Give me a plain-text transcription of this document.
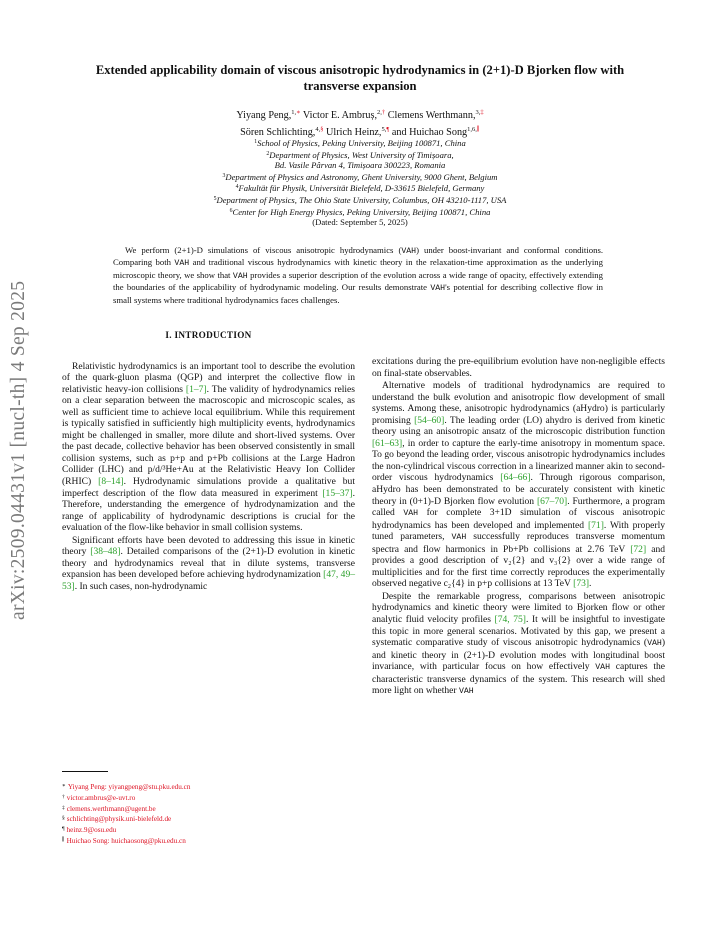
arXiv:2509.04431v1 [nucl-th] 4 Sep 2025
Extended applicability domain of viscous anisotropic hydrodynamics in (2+1)-D Bjorken flow with transverse expansion
Yiyang Peng,$^{1,∗}$ Victor E. Ambruș,$^{2,\dagger}$ Clemens Werthmann,$^{3,\ddagger}$
Sören Schlichting,$^{4,\S}$ Ulrich Heinz,$^{5,\P}$ and Huichao Song$^{1,6,\parallel}$
$^1$School of Physics, Peking University, Beijing 100871, China
$^2$Department of Physics, West University of Timișoara,
Bd. Vasile Pârvan 4, Timișoara 300223, Romania
$^3$Department of Physics and Astronomy, Ghent University, 9000 Ghent, Belgium
$^4$Fakultät für Physik, Universität Bielefeld, D-33615 Bielefeld, Germany
$^5$Department of Physics, The Ohio State University, Columbus, OH 43210-1117, USA
$^6$Center for High Energy Physics, Peking University, Beijing 100871, China
(Dated: September 5, 2025)
We perform (2+1)-D simulations of viscous anisotropic hydrodynamics (VAH) under boost-invariant and conformal conditions. Comparing both VAH and traditional viscous hydrodynamics with kinetic theory in the relaxation-time approximation as the underlying microscopic theory, we show that VAH provides a superior description of the evolution across a wide range of opacity, effectively extending the boundaries of the applicability of hydrodynamic modeling. Our results demonstrate VAH's potential for describing collective flow in small systems where traditional hydrodynamics faces challenges.
I. INTRODUCTION

Relativistic hydrodynamics is an important tool to describe the evolution of the quark-gluon plasma (QGP) and interpret the collective flow in relativistic heavy-ion collisions [1–7]. The validity of hydrodynamics relies on a clear separation between the macroscopic and microscopic scales, as well as sufficient time to achieve local equilibrium. While this requirement is typically satisfied in sufficiently high multiplicity events, hydrodynamics might be challenged in smaller, more dilute and short-lived systems. Over the past decade, collective behavior has been observed consistently in small collision systems, such as p+p and p+Pb collisions at the Large Hadron Collider (LHC) and p/d/³He+Au at the Relativistic Heavy Ion Collider (RHIC) [8–14]. Hydrodynamic simulations provide a qualitative but imperfect description of the flow data measured in experiment [15–37]. Therefore, understanding the emergence of hydrodynamization and the range of applicability of hydrodynamic descriptions is crucial for the evaluation of the flow-like behavior in small collision systems.

Significant efforts have been devoted to addressing this issue in kinetic theory [38–48]. Detailed comparisons of the (2+1)-D evolution in kinetic theory and hydrodynamics reveal that in dilute systems, transverse expansion has been developed before achieving hydrodynamization [47, 49–53]. In such cases, non-hydrodynamic

∗ Yiyang Peng: yiyangpeng@stu.pku.edu.cn
† victor.ambrus@e-uvt.ro
‡ clemens.werthmann@ugent.be
§ schlichting@physik.uni-bielefeld.de
¶ heinz.9@osu.edu
∥ Huichao Song: huichaosong@pku.edu.cn

excitations during the pre-equilibrium evolution have non-negligible effects on final-state observables.

Alternative models of traditional hydrodynamics are required to understand the bulk evolution and anisotropic flow development of small systems. Among these, anisotropic hydrodynamics (aHydro) is particularly promising [54–60]. The leading order (LO) ahydro is derived from kinetic theory using an anisotropic ansatz of the microscopic distribution function [61–63], in order to capture the early-time anisotropy in momentum space. To go beyond the leading order, viscous anisotropic hydrodynamics includes the non-cylindrical viscous correction in a linearized manner akin to second-order viscous hydrodynamics [64–66]. Through rigorous comparison, aHydro has been demonstrated to be accurately consistent with kinetic theory in (0+1)-D Bjorken flow evolution [67–70]. Furthermore, a program called VAH for complete 3+1D simulation of viscous anisotropic hydrodynamics has been developed and implemented [71]. With properly tuned parameters, VAH successfully reproduces transverse momentum spectra and flow harmonics in Pb+Pb collisions at 2.76 TeV [72] and provides a good description of v₂{2} and v₃{2} over a wide range of multiplicities and for the first time correctly reproduces the experimentally observed negative c₂{4} in p+p collisions at 13 TeV [73].

Despite the remarkable progress, comparisons between anisotropic hydrodynamics and kinetic theory were limited to Bjorken flow or other analytic fluid velocity profiles [74, 75]. It will be insightful to investigate this topic in more general scenarios. Motivated by this gap, we present a systematic comparative study of viscous anisotropic hydrodynamics (VAH) and kinetic theory in (2+1)-D evolution modes with longitudinal boost invariance, with particular focus on how effectively VAH captures the characteristic transverse dynamics of the system. This research will shed more light on whether VAH
